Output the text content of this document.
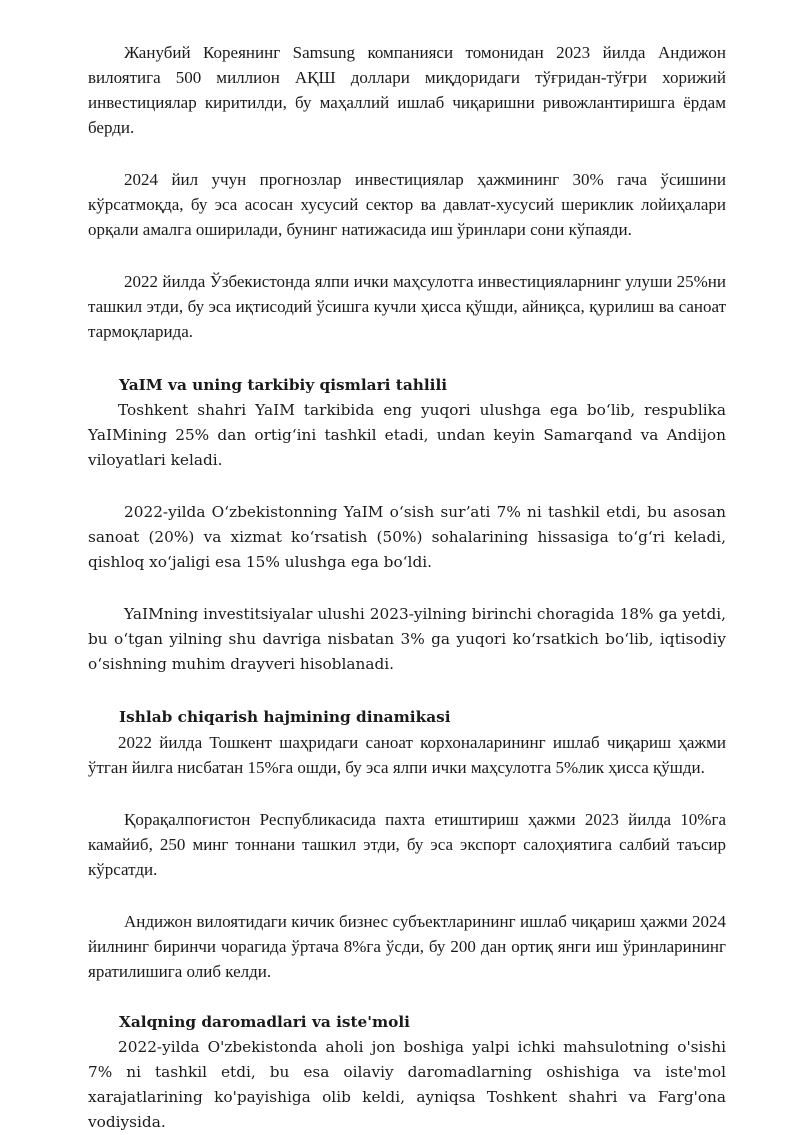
Жанубий Кореянинг Samsung компанияси томонидан 2023 йилда Андижон вилоятига 500 миллион АҚШ доллари миқдоридаги тўғридан-тўғри хорижий инвестициялар киритилди, бу маҳаллий ишлаб чиқаришни ривожлантиришга ёрдам берди.

2024 йил учун прогнозлар инвестициялар ҳажмининг 30% гача ўсишини кўрсатмоқда, бу эса асосан хусусий сектор ва давлат-хусусий шериклик лойиҳалари орқали амалга оширилади, бунинг натижасида иш ўринлари сони кўпаяди.

2022 йилда Ўзбекистонда ялпи ички маҳсулотга инвестицияларнинг улуши 25%ни ташкил этди, бу эса иқтисодий ўсишга кучли ҳисса қўшди, айниқса, қурилиш ва саноат тармоқларида.

YaIM va uning tarkibiy qismlari tahlili

Toshkent shahri YaIM tarkibida eng yuqori ulushga ega boʻlib, respublika YaIMining 25% dan ortigʻini tashkil etadi, undan keyin Samarqand va Andijon viloyatlari keladi.

2022-yilda Oʻzbekistonning YaIM oʻsish surʼati 7% ni tashkil etdi, bu asosan sanoat (20%) va xizmat koʻrsatish (50%) sohalarining hissasiga toʻgʻri keladi, qishloq xoʻjaligi esa 15% ulushga ega boʻldi.

YaIMning investitsiyalar ulushi 2023-yilning birinchi choragida 18% ga yetdi, bu oʻtgan yilning shu davriga nisbatan 3% ga yuqori koʻrsatkich boʻlib, iqtisodiy oʻsishning muhim drayveri hisoblanadi.

Ishlab chiqarish hajmining dinamikasi

2022 йилда Тошкент шаҳридаги саноат корхоналарининг ишлаб чиқариш ҳажми ўтган йилга нисбатан 15%га ошди, бу эса ялпи ички маҳсулотга 5%лик ҳисса қўшди.

Қорақалпоғистон Республикасида пахта етиштириш ҳажми 2023 йилда 10%га камайиб, 250 минг тоннани ташкил этди, бу эса экспорт салоҳиятига салбий таъсир кўрсатди.

Андижон вилоятидаги кичик бизнес субъектларининг ишлаб чиқариш ҳажми 2024 йилнинг биринчи чорагида ўртача 8%га ўсди, бу 200 дан ортиқ янги иш ўринларининг яратилишига олиб келди.

Xalqning daromadlari va iste'moli

2022-yilda O'zbekistonda aholi jon boshiga yalpi ichki mahsulotning o'sishi 7% ni tashkil etdi, bu esa oilaviy daromadlarning oshishiga va iste'mol xarajatlarining ko'payishiga olib keldi, ayniqsa Toshkent shahri va Farg'ona vodiysida.
